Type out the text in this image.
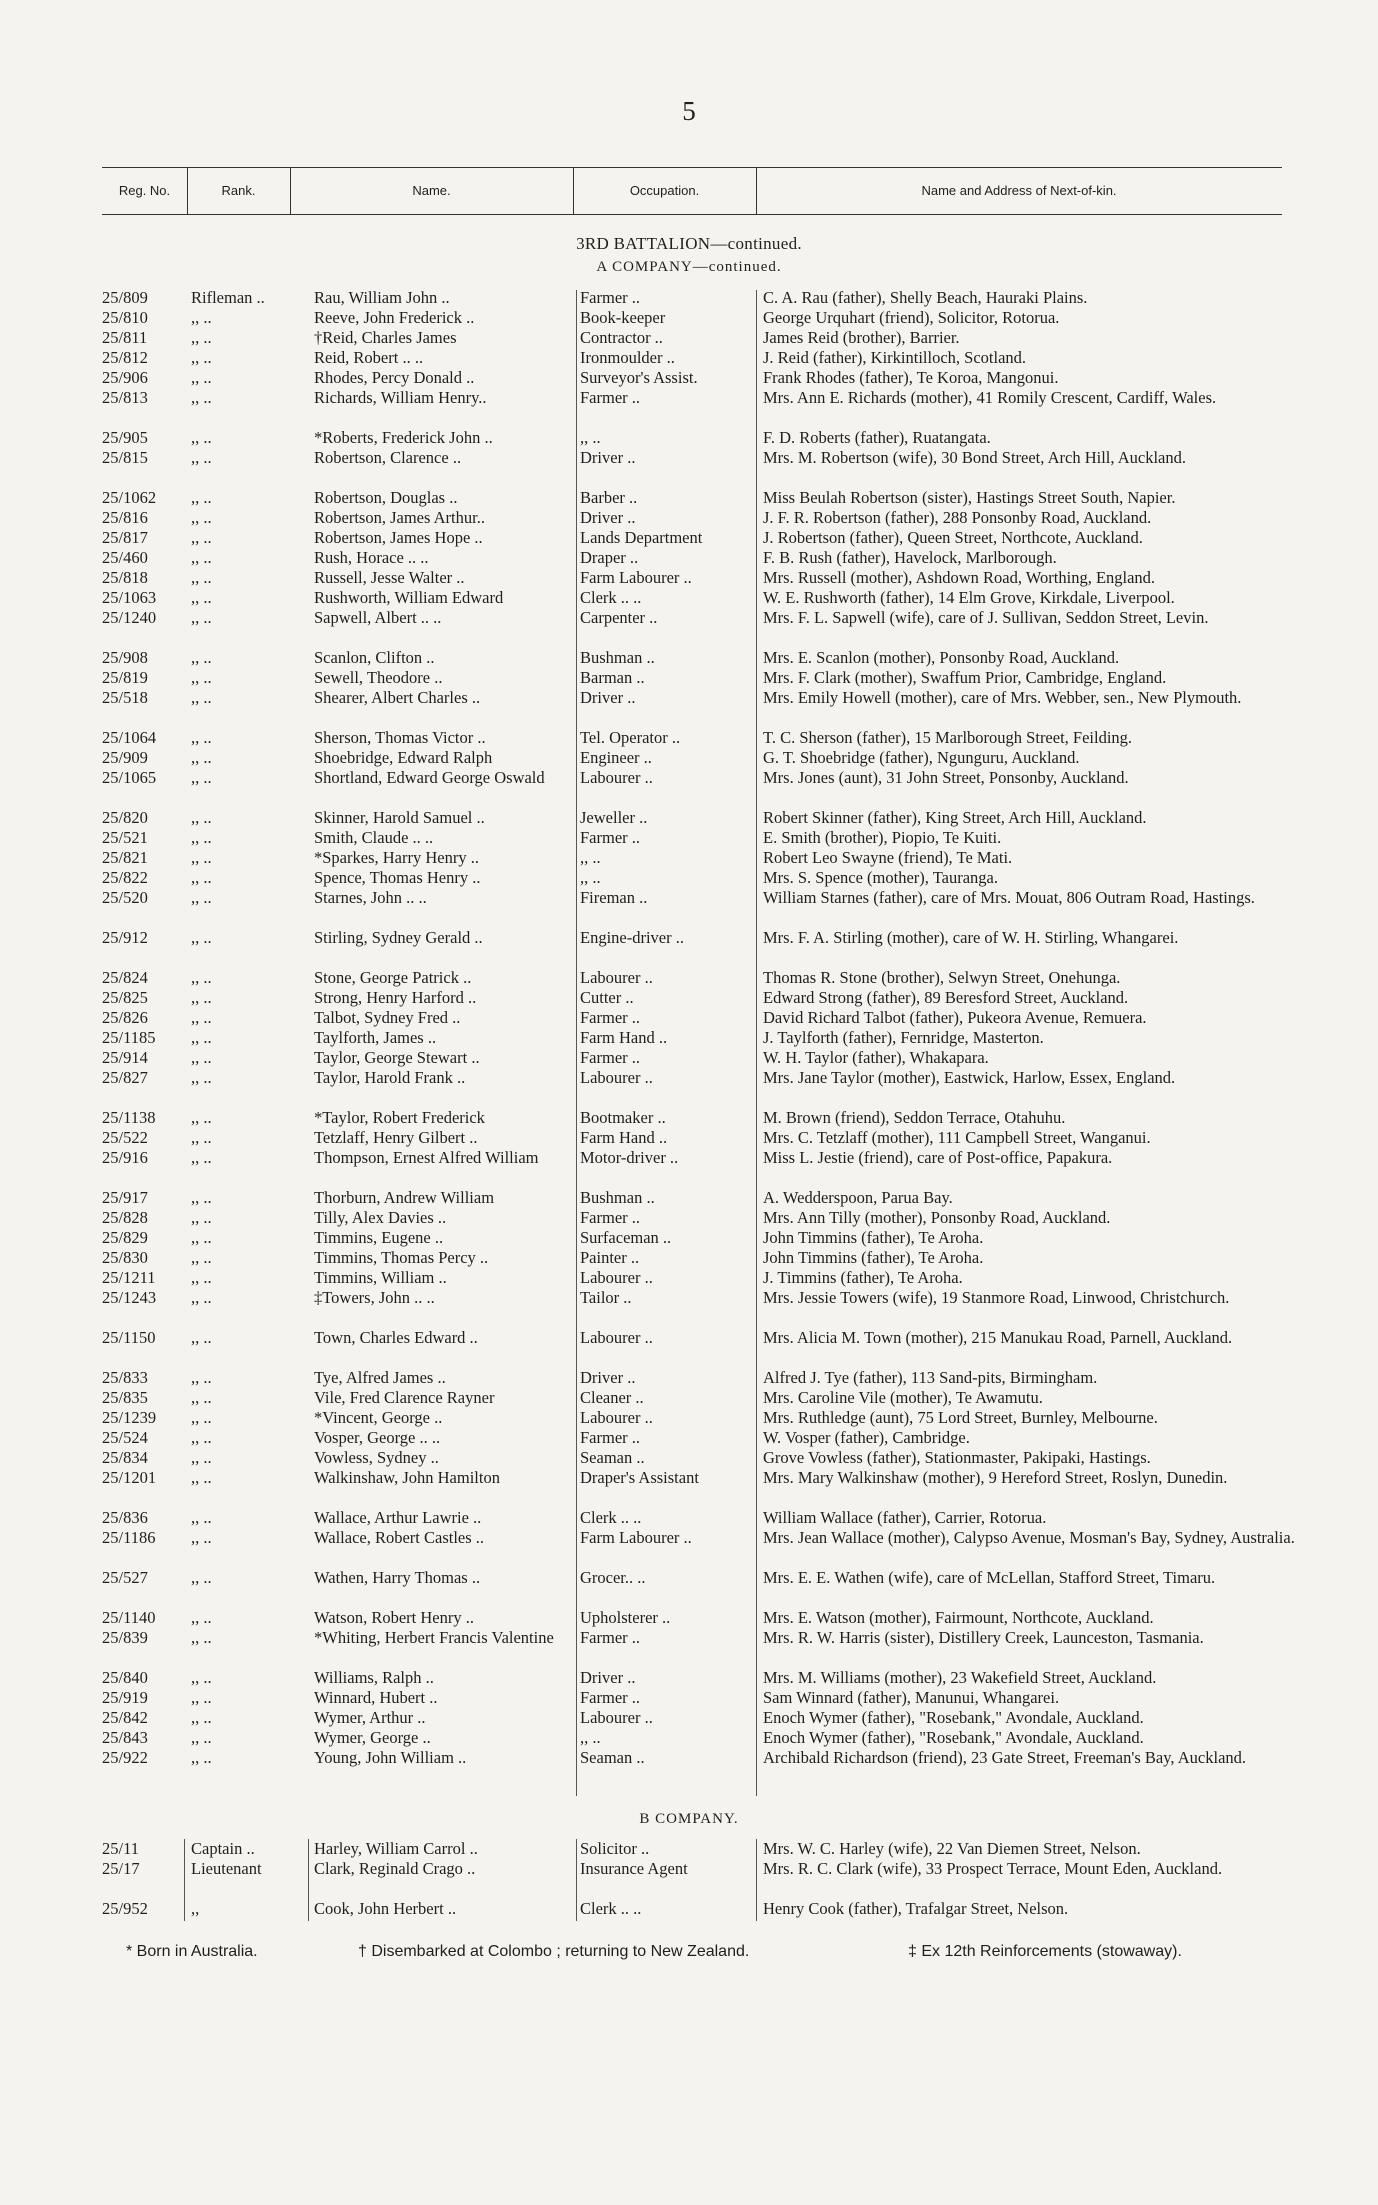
5
Reg. No.	Rank.	Name.	Occupation.	Name and Address of Next-of-kin.
3RD BATTALION—continued.
A COMPANY—continued.
25/809	Rifleman ..	Rau, William John ..	Farmer ..	C. A. Rau (father), Shelly Beach, Hauraki Plains.
25/810	,, ..	Reeve, John Frederick ..	Book-keeper	George Urquhart (friend), Solicitor, Rotorua.
25/811	,, ..	†Reid, Charles James	Contractor ..	James Reid (brother), Barrier.
25/812	,, ..	Reid, Robert .. ..	Ironmoulder ..	J. Reid (father), Kirkintilloch, Scotland.
25/906	,, ..	Rhodes, Percy Donald ..	Surveyor's Assist.	Frank Rhodes (father), Te Koroa, Mangonui.
25/813	,, ..	Richards, William Henry..	Farmer ..	Mrs. Ann E. Richards (mother), 41 Romily Crescent, Cardiff, Wales.
25/905	,, ..	*Roberts, Frederick John ..	,, ..	F. D. Roberts (father), Ruatangata.
25/815	,, ..	Robertson, Clarence ..	Driver ..	Mrs. M. Robertson (wife), 30 Bond Street, Arch Hill, Auckland.
25/1062	,, ..	Robertson, Douglas ..	Barber ..	Miss Beulah Robertson (sister), Hastings Street South, Napier.
25/816	,, ..	Robertson, James Arthur..	Driver ..	J. F. R. Robertson (father), 288 Ponsonby Road, Auckland.
25/817	,, ..	Robertson, James Hope ..	Lands Department	J. Robertson (father), Queen Street, Northcote, Auckland.
25/460	,, ..	Rush, Horace .. ..	Draper ..	F. B. Rush (father), Havelock, Marlborough.
25/818	,, ..	Russell, Jesse Walter ..	Farm Labourer ..	Mrs. Russell (mother), Ashdown Road, Worthing, England.
25/1063	,, ..	Rushworth, William Edward	Clerk .. ..	W. E. Rushworth (father), 14 Elm Grove, Kirkdale, Liverpool.
25/1240	,, ..	Sapwell, Albert .. ..	Carpenter ..	Mrs. F. L. Sapwell (wife), care of J. Sullivan, Seddon Street, Levin.
25/908	,, ..	Scanlon, Clifton ..	Bushman ..	Mrs. E. Scanlon (mother), Ponsonby Road, Auckland.
25/819	,, ..	Sewell, Theodore ..	Barman ..	Mrs. F. Clark (mother), Swaffum Prior, Cambridge, England.
25/518	,, ..	Shearer, Albert Charles ..	Driver ..	Mrs. Emily Howell (mother), care of Mrs. Webber, sen., New Plymouth.
25/1064	,, ..	Sherson, Thomas Victor ..	Tel. Operator ..	T. C. Sherson (father), 15 Marlborough Street, Feilding.
25/909	,, ..	Shoebridge, Edward Ralph	Engineer ..	G. T. Shoebridge (father), Ngunguru, Auckland.
25/1065	,, ..	Shortland, Edward George Oswald	Labourer ..	Mrs. Jones (aunt), 31 John Street, Ponsonby, Auckland.
25/820	,, ..	Skinner, Harold Samuel ..	Jeweller ..	Robert Skinner (father), King Street, Arch Hill, Auckland.
25/521	,, ..	Smith, Claude .. ..	Farmer ..	E. Smith (brother), Piopio, Te Kuiti.
25/821	,, ..	*Sparkes, Harry Henry ..	,, ..	Robert Leo Swayne (friend), Te Mati.
25/822	,, ..	Spence, Thomas Henry ..	,, ..	Mrs. S. Spence (mother), Tauranga.
25/520	,, ..	Starnes, John .. ..	Fireman ..	William Starnes (father), care of Mrs. Mouat, 806 Outram Road, Hastings.
25/912	,, ..	Stirling, Sydney Gerald ..	Engine-driver ..	Mrs. F. A. Stirling (mother), care of W. H. Stirling, Whangarei.
25/824	,, ..	Stone, George Patrick ..	Labourer ..	Thomas R. Stone (brother), Selwyn Street, Onehunga.
25/825	,, ..	Strong, Henry Harford ..	Cutter ..	Edward Strong (father), 89 Beresford Street, Auckland.
25/826	,, ..	Talbot, Sydney Fred ..	Farmer ..	David Richard Talbot (father), Pukeora Avenue, Remuera.
25/1185	,, ..	Taylforth, James ..	Farm Hand ..	J. Taylforth (father), Fernridge, Masterton.
25/914	,, ..	Taylor, George Stewart ..	Farmer ..	W. H. Taylor (father), Whakapara.
25/827	,, ..	Taylor, Harold Frank ..	Labourer ..	Mrs. Jane Taylor (mother), Eastwick, Harlow, Essex, England.
25/1138	,, ..	*Taylor, Robert Frederick	Bootmaker ..	M. Brown (friend), Seddon Terrace, Otahuhu.
25/522	,, ..	Tetzlaff, Henry Gilbert ..	Farm Hand ..	Mrs. C. Tetzlaff (mother), 111 Campbell Street, Wanganui.
25/916	,, ..	Thompson, Ernest Alfred William	Motor-driver ..	Miss L. Jestie (friend), care of Post-office, Papakura.
25/917	,, ..	Thorburn, Andrew William	Bushman ..	A. Wedderspoon, Parua Bay.
25/828	,, ..	Tilly, Alex Davies ..	Farmer ..	Mrs. Ann Tilly (mother), Ponsonby Road, Auckland.
25/829	,, ..	Timmins, Eugene ..	Surfaceman ..	John Timmins (father), Te Aroha.
25/830	,, ..	Timmins, Thomas Percy ..	Painter ..	John Timmins (father), Te Aroha.
25/1211	,, ..	Timmins, William ..	Labourer ..	J. Timmins (father), Te Aroha.
25/1243	,, ..	‡Towers, John .. ..	Tailor ..	Mrs. Jessie Towers (wife), 19 Stanmore Road, Linwood, Christchurch.
25/1150	,, ..	Town, Charles Edward ..	Labourer ..	Mrs. Alicia M. Town (mother), 215 Manukau Road, Parnell, Auckland.
25/833	,, ..	Tye, Alfred James ..	Driver ..	Alfred J. Tye (father), 113 Sand-pits, Birmingham.
25/835	,, ..	Vile, Fred Clarence Rayner	Cleaner ..	Mrs. Caroline Vile (mother), Te Awamutu.
25/1239	,, ..	*Vincent, George ..	Labourer ..	Mrs. Ruthledge (aunt), 75 Lord Street, Burnley, Melbourne.
25/524	,, ..	Vosper, George .. ..	Farmer ..	W. Vosper (father), Cambridge.
25/834	,, ..	Vowless, Sydney ..	Seaman ..	Grove Vowless (father), Stationmaster, Pakipaki, Hastings.
25/1201	,, ..	Walkinshaw, John Hamilton	Draper's Assistant	Mrs. Mary Walkinshaw (mother), 9 Hereford Street, Roslyn, Dunedin.
25/836	,, ..	Wallace, Arthur Lawrie ..	Clerk .. ..	William Wallace (father), Carrier, Rotorua.
25/1186	,, ..	Wallace, Robert Castles ..	Farm Labourer ..	Mrs. Jean Wallace (mother), Calypso Avenue, Mosman's Bay, Sydney, Australia.
25/527	,, ..	Wathen, Harry Thomas ..	Grocer.. ..	Mrs. E. E. Wathen (wife), care of McLellan, Stafford Street, Timaru.
25/1140	,, ..	Watson, Robert Henry ..	Upholsterer ..	Mrs. E. Watson (mother), Fairmount, Northcote, Auckland.
25/839	,, ..	*Whiting, Herbert Francis Valentine	Farmer ..	Mrs. R. W. Harris (sister), Distillery Creek, Launceston, Tasmania.
25/840	,, ..	Williams, Ralph ..	Driver ..	Mrs. M. Williams (mother), 23 Wakefield Street, Auckland.
25/919	,, ..	Winnard, Hubert ..	Farmer ..	Sam Winnard (father), Manunui, Whangarei.
25/842	,, ..	Wymer, Arthur ..	Labourer ..	Enoch Wymer (father), "Rosebank," Avondale, Auckland.
25/843	,, ..	Wymer, George ..	,, ..	Enoch Wymer (father), "Rosebank," Avondale, Auckland.
25/922	,, ..	Young, John William ..	Seaman ..	Archibald Richardson (friend), 23 Gate Street, Freeman's Bay, Auckland.
B COMPANY.
25/11	Captain ..	Harley, William Carrol ..	Solicitor ..	Mrs. W. C. Harley (wife), 22 Van Diemen Street, Nelson.
25/17	Lieutenant	Clark, Reginald Crago ..	Insurance Agent	Mrs. R. C. Clark (wife), 33 Prospect Terrace, Mount Eden, Auckland.
25/952	,,	Cook, John Herbert ..	Clerk .. ..	Henry Cook (father), Trafalgar Street, Nelson.
* Born in Australia.	† Disembarked at Colombo ; returning to New Zealand.	‡ Ex 12th Reinforcements (stowaway).
